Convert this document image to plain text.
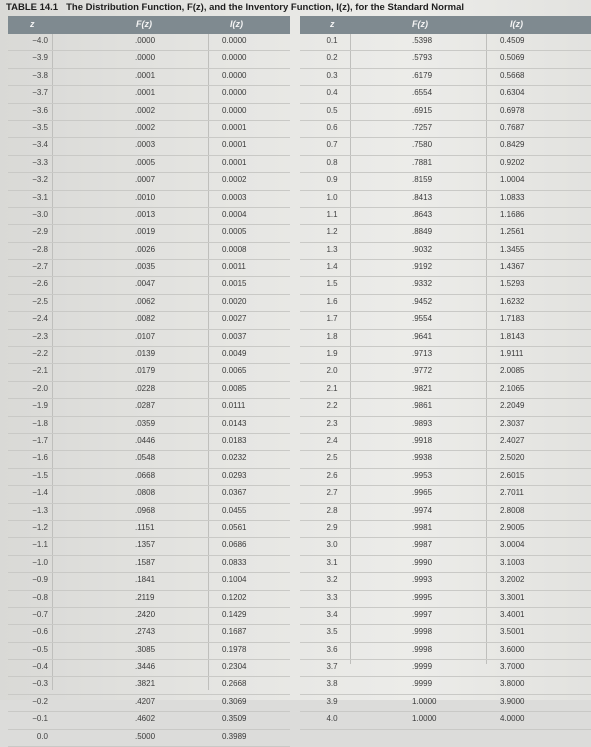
TABLE 14.1 The Distribution Function, F(z), and the Inventory Function, I(z), for the Standard Normal
z	F(z)	I(z)	z	F(z)	I(z)
−4.0	.0000	0.0000
−3.9	.0000	0.0000
−3.8	.0001	0.0000
−3.7	.0001	0.0000
−3.6	.0002	0.0000
−3.5	.0002	0.0001
−3.4	.0003	0.0001
−3.3	.0005	0.0001
−3.2	.0007	0.0002
−3.1	.0010	0.0003
−3.0	.0013	0.0004
−2.9	.0019	0.0005
−2.8	.0026	0.0008
−2.7	.0035	0.0011
−2.6	.0047	0.0015
−2.5	.0062	0.0020
−2.4	.0082	0.0027
−2.3	.0107	0.0037
−2.2	.0139	0.0049
−2.1	.0179	0.0065
−2.0	.0228	0.0085
−1.9	.0287	0.0111
−1.8	.0359	0.0143
−1.7	.0446	0.0183
−1.6	.0548	0.0232
−1.5	.0668	0.0293
−1.4	.0808	0.0367
−1.3	.0968	0.0455
−1.2	.1151	0.0561
−1.1	.1357	0.0686
−1.0	.1587	0.0833
−0.9	.1841	0.1004
−0.8	.2119	0.1202
−0.7	.2420	0.1429
−0.6	.2743	0.1687
−0.5	.3085	0.1978
−0.4	.3446	0.2304
−0.3	.3821	0.2668
−0.2	.4207	0.3069
−0.1	.4602	0.3509
0.0	.5000	0.3989
0.1	.5398	0.4509
0.2	.5793	0.5069
0.3	.6179	0.5668
0.4	.6554	0.6304
0.5	.6915	0.6978
0.6	.7257	0.7687
0.7	.7580	0.8429
0.8	.7881	0.9202
0.9	.8159	1.0004
1.0	.8413	1.0833
1.1	.8643	1.1686
1.2	.8849	1.2561
1.3	.9032	1.3455
1.4	.9192	1.4367
1.5	.9332	1.5293
1.6	.9452	1.6232
1.7	.9554	1.7183
1.8	.9641	1.8143
1.9	.9713	1.9111
2.0	.9772	2.0085
2.1	.9821	2.1065
2.2	.9861	2.2049
2.3	.9893	2.3037
2.4	.9918	2.4027
2.5	.9938	2.5020
2.6	.9953	2.6015
2.7	.9965	2.7011
2.8	.9974	2.8008
2.9	.9981	2.9005
3.0	.9987	3.0004
3.1	.9990	3.1003
3.2	.9993	3.2002
3.3	.9995	3.3001
3.4	.9997	3.4001
3.5	.9998	3.5001
3.6	.9998	3.6000
3.7	.9999	3.7000
3.8	.9999	3.8000
3.9	1.0000	3.9000
4.0	1.0000	4.0000
